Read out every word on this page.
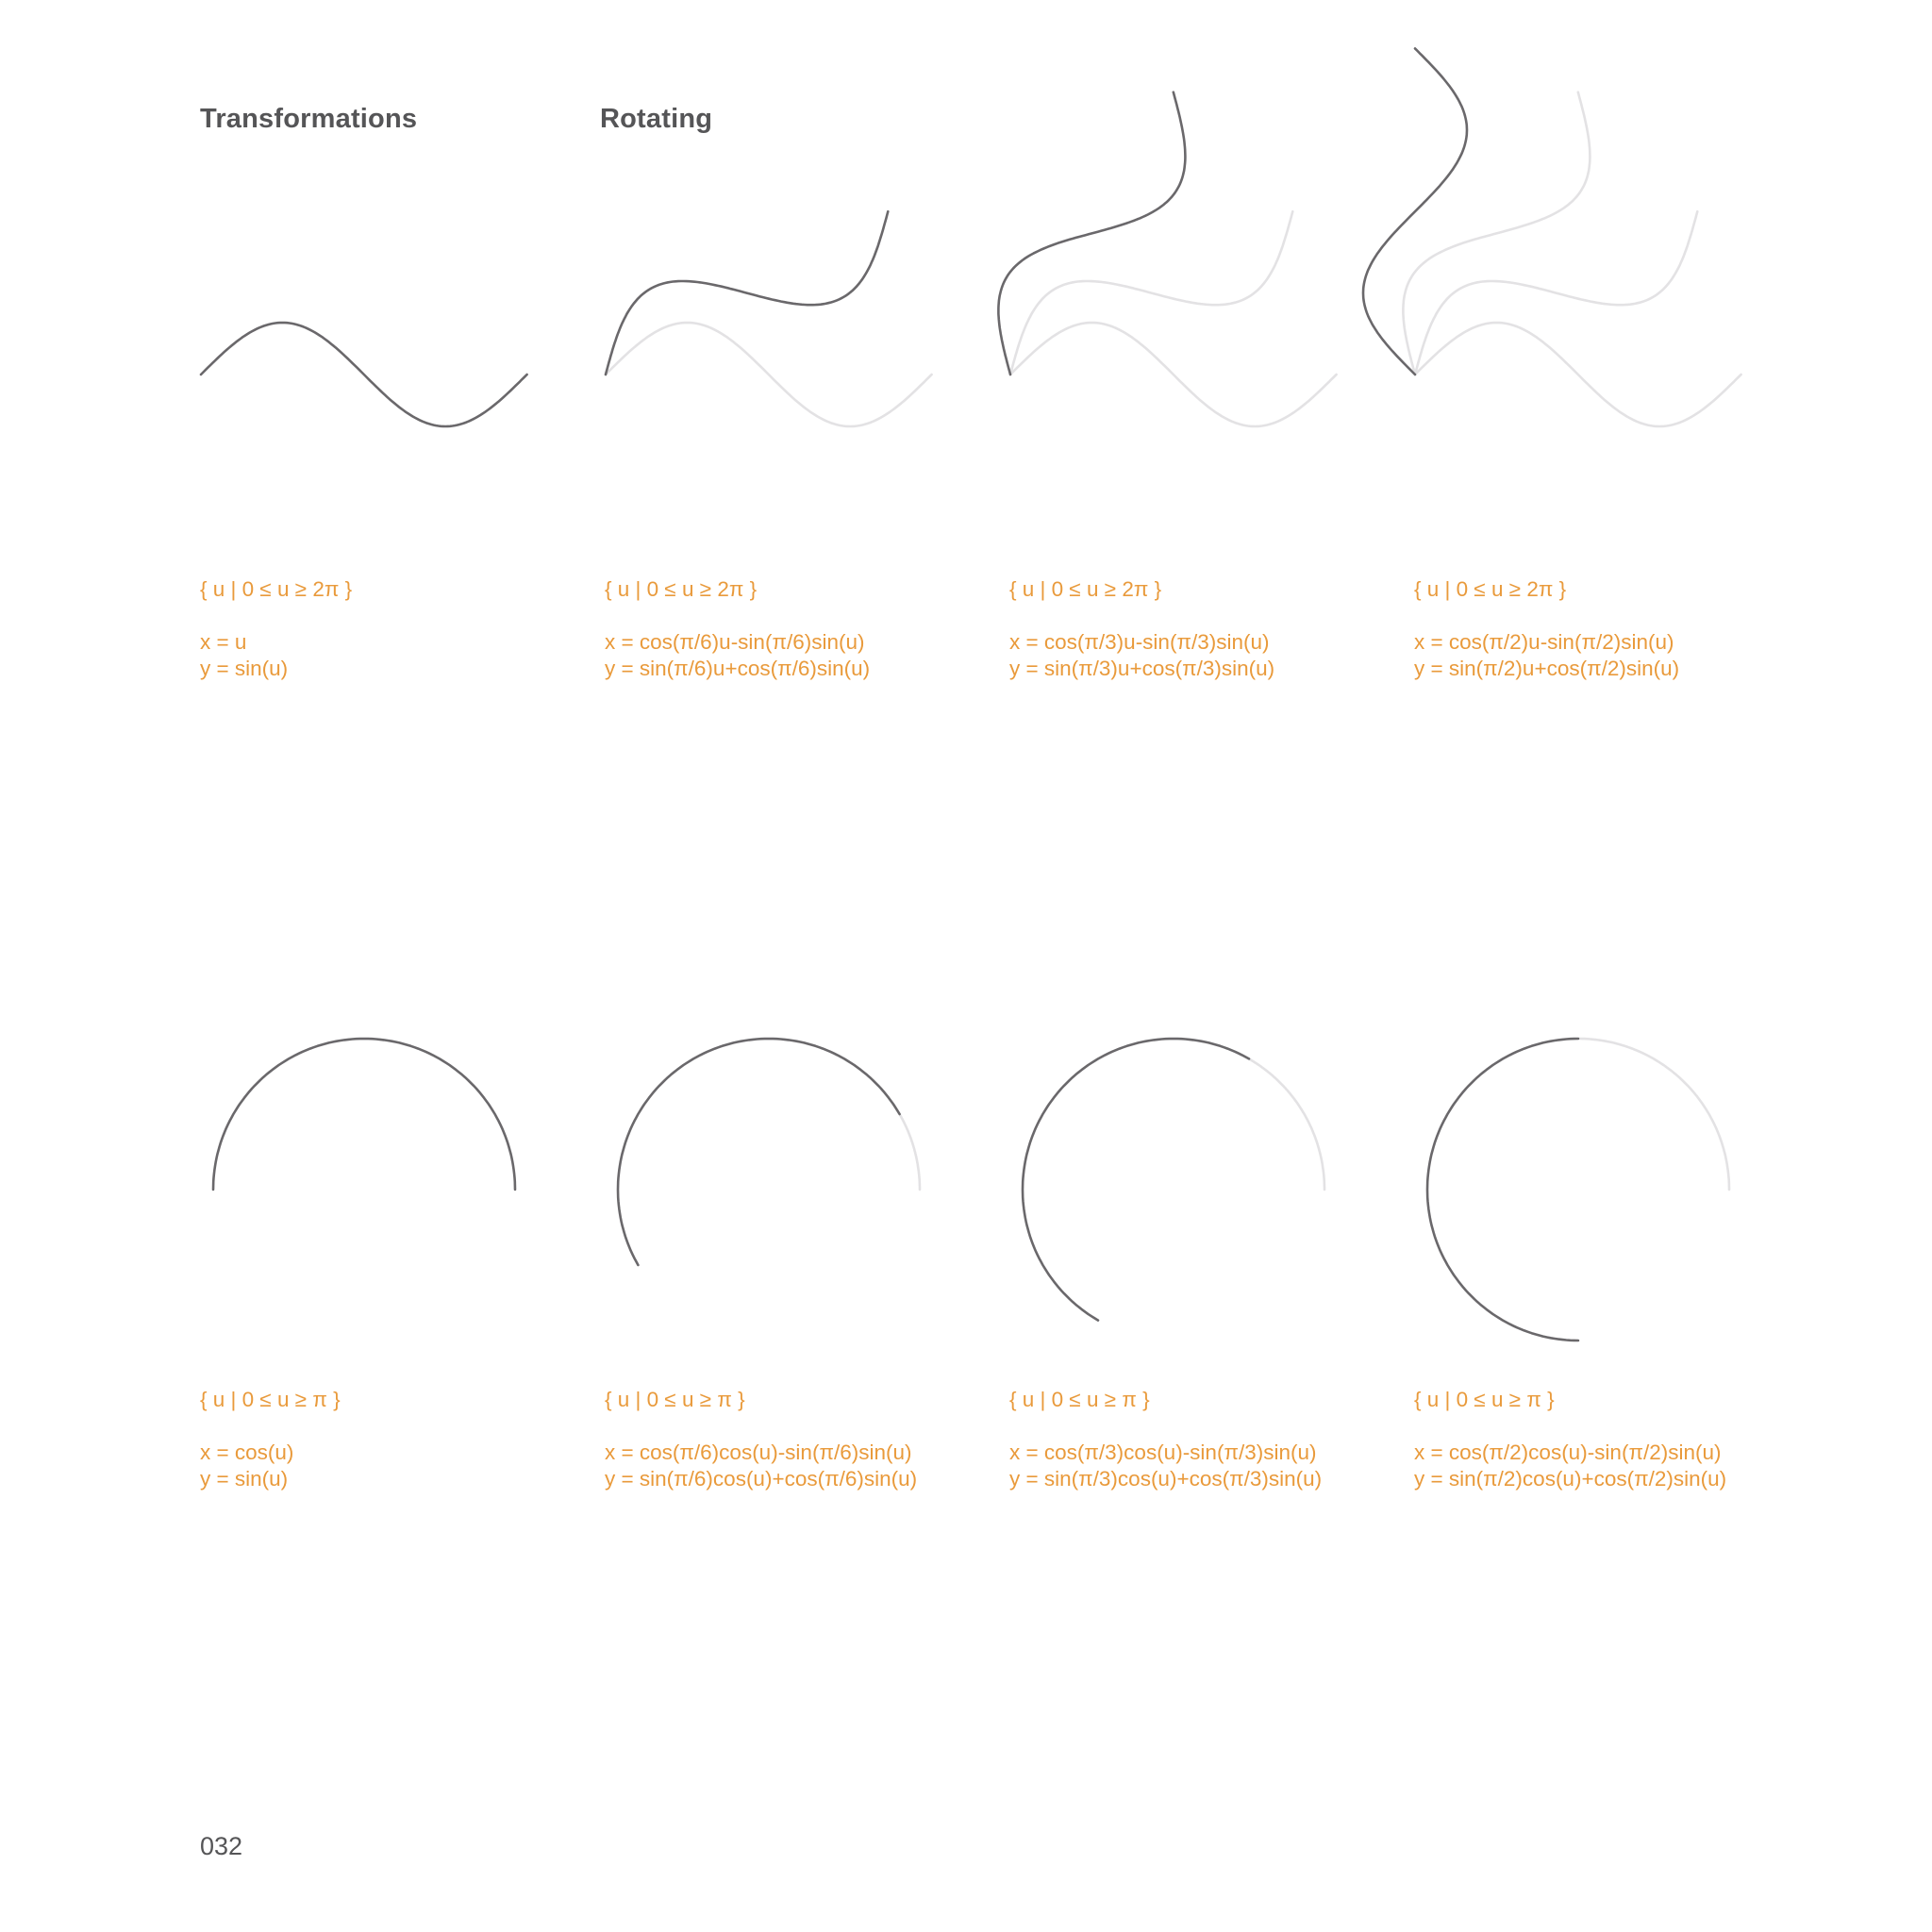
Transformations	Rotating
{ u | 0 ≤ u ≥ 2π }
x = u
y = sin(u)
{ u | 0 ≤ u ≥ 2π }
x = cos(π/6)u-sin(π/6)sin(u)
y = sin(π/6)u+cos(π/6)sin(u)
{ u | 0 ≤ u ≥ 2π }
x = cos(π/3)u-sin(π/3)sin(u)
y = sin(π/3)u+cos(π/3)sin(u)
{ u | 0 ≤ u ≥ 2π }
x = cos(π/2)u-sin(π/2)sin(u)
y = sin(π/2)u+cos(π/2)sin(u)
{ u | 0 ≤ u ≥ π }
x = cos(u)
y = sin(u)
{ u | 0 ≤ u ≥ π }
x = cos(π/6)cos(u)-sin(π/6)sin(u)
y = sin(π/6)cos(u)+cos(π/6)sin(u)
{ u | 0 ≤ u ≥ π }
x = cos(π/3)cos(u)-sin(π/3)sin(u)
y = sin(π/3)cos(u)+cos(π/3)sin(u)
{ u | 0 ≤ u ≥ π }
x = cos(π/2)cos(u)-sin(π/2)sin(u)
y = sin(π/2)cos(u)+cos(π/2)sin(u)
032
